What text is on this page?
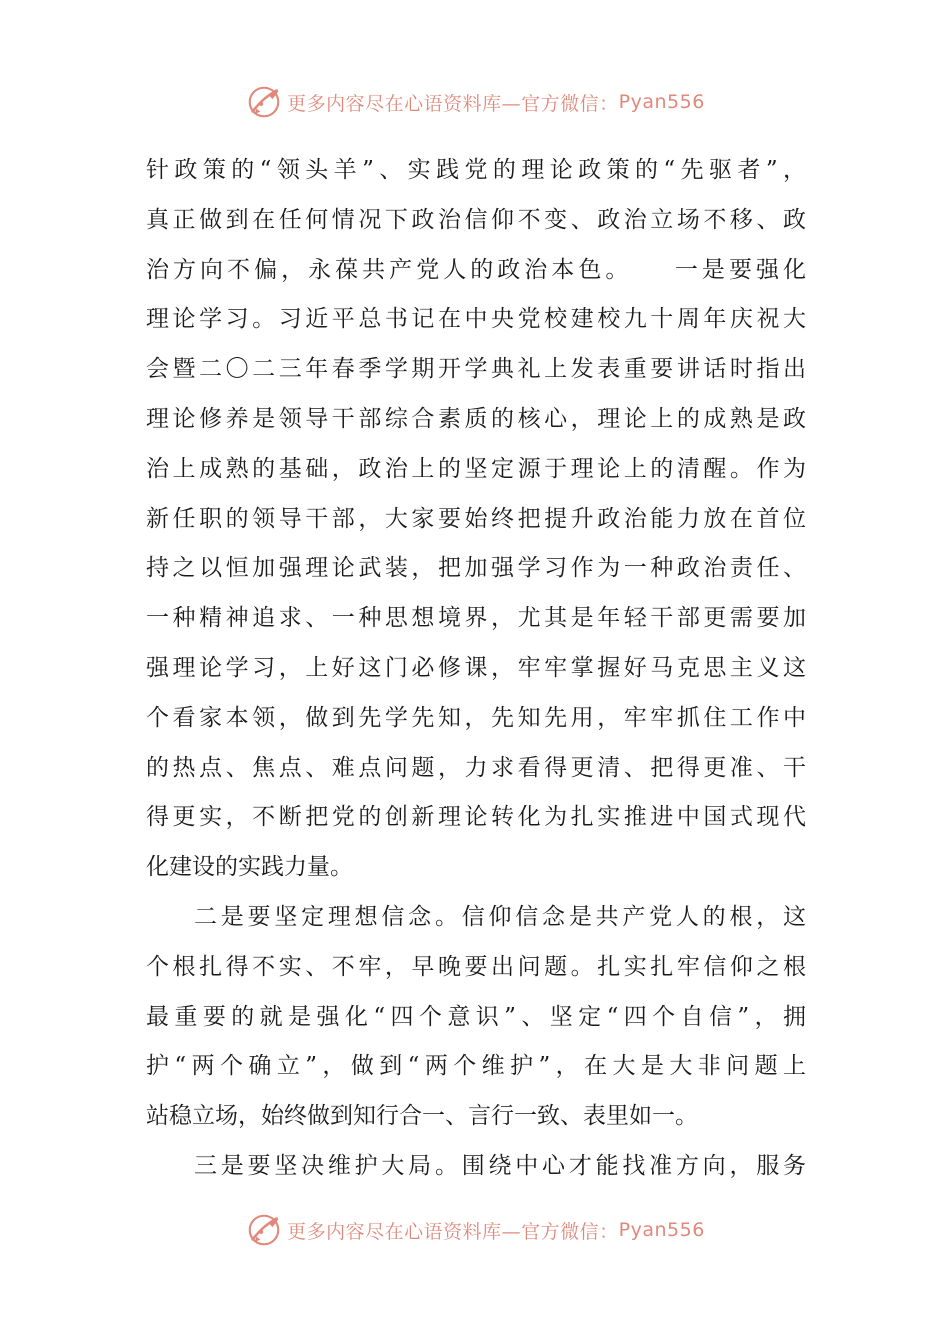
更多内容尽在心语资料库—官方微信： Pyan556
针政策的“领头羊”、实践党的理论政策的“先驱者”，
真正做到在任何情况下政治信仰不变、政治立场不移、政
治方向不偏，永葆共产党人的政治本色。　　一是要强化
理论学习。习近平总书记在中央党校建校九十周年庆祝大
会暨二〇二三年春季学期开学典礼上发表重要讲话时指出
理论修养是领导干部综合素质的核心，理论上的成熟是政
治上成熟的基础，政治上的坚定源于理论上的清醒。作为
新任职的领导干部，大家要始终把提升政治能力放在首位
持之以恒加强理论武装，把加强学习作为一种政治责任、
一种精神追求、一种思想境界，尤其是年轻干部更需要加
强理论学习，上好这门必修课，牢牢掌握好马克思主义这
个看家本领，做到先学先知，先知先用，牢牢抓住工作中
的热点、焦点、难点问题，力求看得更清、把得更准、干
得更实，不断把党的创新理论转化为扎实推进中国式现代
化建设的实践力量。
二是要坚定理想信念。信仰信念是共产党人的根，这
个根扎得不实、不牢，早晚要出问题。扎实扎牢信仰之根
最重要的就是强化“四个意识”、坚定“四个自信”，拥
护“两个确立”，做到“两个维护”，在大是大非问题上
站稳立场，始终做到知行合一、言行一致、表里如一。
三是要坚决维护大局。围绕中心才能找准方向，服务
更多内容尽在心语资料库—官方微信： Pyan556
